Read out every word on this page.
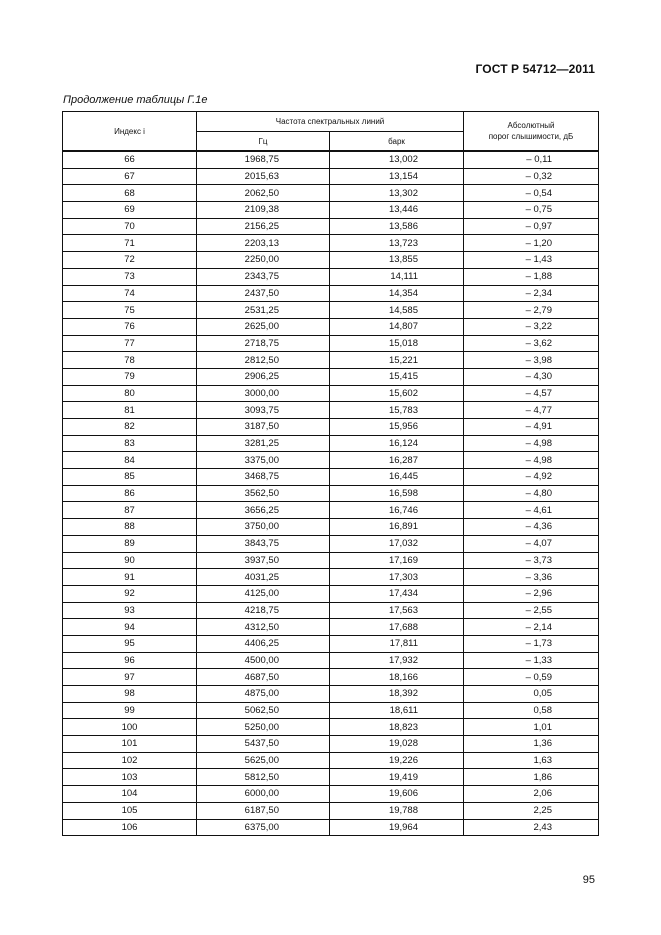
ГОСТ Р 54712—2011
Продолжение таблицы Г.1е
Индекс i	Частота спектральных линий		Абсолютный
порог слышимости, дБ
	Гц	барк	
66	1968,75	13,002	– 0,11
67	2015,63	13,154	– 0,32
68	2062,50	13,302	– 0,54
69	2109,38	13,446	– 0,75
70	2156,25	13,586	– 0,97
71	2203,13	13,723	– 1,20
72	2250,00	13,855	– 1,43
73	2343,75	14,111	– 1,88
74	2437,50	14,354	– 2,34
75	2531,25	14,585	– 2,79
76	2625,00	14,807	– 3,22
77	2718,75	15,018	– 3,62
78	2812,50	15,221	– 3,98
79	2906,25	15,415	– 4,30
80	3000,00	15,602	– 4,57
81	3093,75	15,783	– 4,77
82	3187,50	15,956	– 4,91
83	3281,25	16,124	– 4,98
84	3375,00	16,287	– 4,98
85	3468,75	16,445	– 4,92
86	3562,50	16,598	– 4,80
87	3656,25	16,746	– 4,61
88	3750,00	16,891	– 4,36
89	3843,75	17,032	– 4,07
90	3937,50	17,169	– 3,73
91	4031,25	17,303	– 3,36
92	4125,00	17,434	– 2,96
93	4218,75	17,563	– 2,55
94	4312,50	17,688	– 2,14
95	4406,25	17,811	– 1,73
96	4500,00	17,932	– 1,33
97	4687,50	18,166	– 0,59
98	4875,00	18,392	0,05
99	5062,50	18,611	0,58
100	5250,00	18,823	1,01
101	5437,50	19,028	1,36
102	5625,00	19,226	1,63
103	5812,50	19,419	1,86
104	6000,00	19,606	2,06
105	6187,50	19,788	2,25
106	6375,00	19,964	2,43
95
